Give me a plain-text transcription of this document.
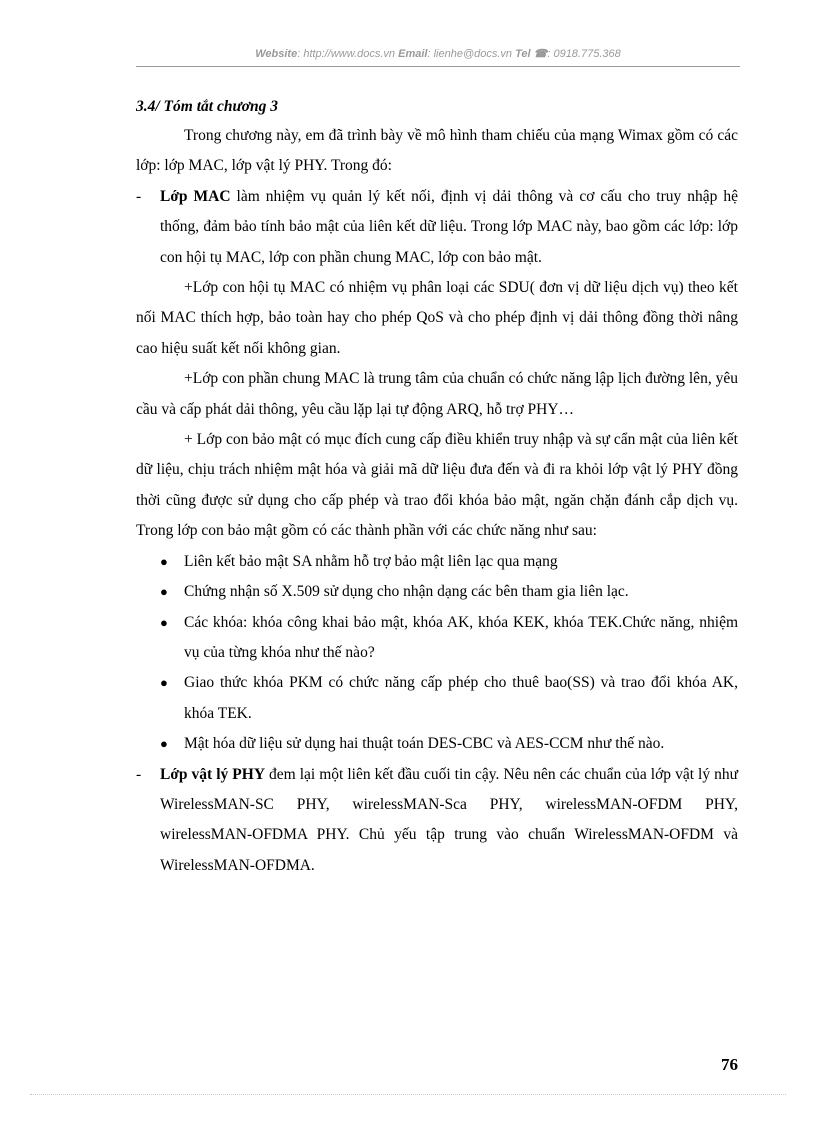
Website: http://www.docs.vn Email: lienhe@docs.vn Tel ☎: 0918.775.368
3.4/ Tóm tắt chương 3

Trong chương này, em đã trình bày về mô hình tham chiếu của mạng Wimax gồm có các lớp: lớp MAC, lớp vật lý PHY. Trong đó:

- Lớp MAC làm nhiệm vụ quản lý kết nối, định vị dải thông và cơ cấu cho truy nhập hệ thống, đảm bảo tính bảo mật của liên kết dữ liệu. Trong lớp MAC này, bao gồm các lớp: lớp con hội tụ MAC, lớp con phần chung MAC, lớp con bảo mật.

+Lớp con hội tụ MAC có nhiệm vụ phân loại các SDU( đơn vị dữ liệu dịch vụ) theo kết nối MAC thích hợp, bảo toàn hay cho phép QoS và cho phép định vị dải thông đồng thời nâng cao hiệu suất kết nối không gian.

+Lớp con phần chung MAC là trung tâm của chuẩn có chức năng lập lịch đường lên, yêu cầu và cấp phát dải thông, yêu cầu lặp lại tự động ARQ, hỗ trợ PHY…

+ Lớp con bảo mật có mục đích cung cấp điều khiển truy nhập và sự cẩn mật của liên kết dữ liệu, chịu trách nhiệm mật hóa và giải mã dữ liệu đưa đến và đi ra khỏi lớp vật lý PHY đồng thời cũng được sử dụng cho cấp phép và trao đổi khóa bảo mật, ngăn chặn đánh cắp dịch vụ. Trong lớp con bảo mật gồm có các thành phần với các chức năng như sau:

● Liên kết bảo mật SA nhằm hỗ trợ bảo mật liên lạc qua mạng

● Chứng nhận số X.509 sử dụng cho nhận dạng các bên tham gia liên lạc.

● Các khóa: khóa công khai bảo mật, khóa AK, khóa KEK, khóa TEK.Chức năng, nhiệm vụ của từng khóa như thế nào?

● Giao thức khóa PKM có chức năng cấp phép cho thuê bao(SS) và trao đổi khóa AK, khóa TEK.

● Mật hóa dữ liệu sử dụng hai thuật toán DES-CBC và AES-CCM như thế nào.

- Lớp vật lý PHY đem lại một liên kết đầu cuối tin cậy. Nêu nên các chuẩn của lớp vật lý như WirelessMAN-SC PHY, wirelessMAN-Sca PHY, wirelessMAN-OFDM PHY, wirelessMAN-OFDMA PHY. Chủ yếu tập trung vào chuẩn WirelessMAN-OFDM và WirelessMAN-OFDMA.

76
